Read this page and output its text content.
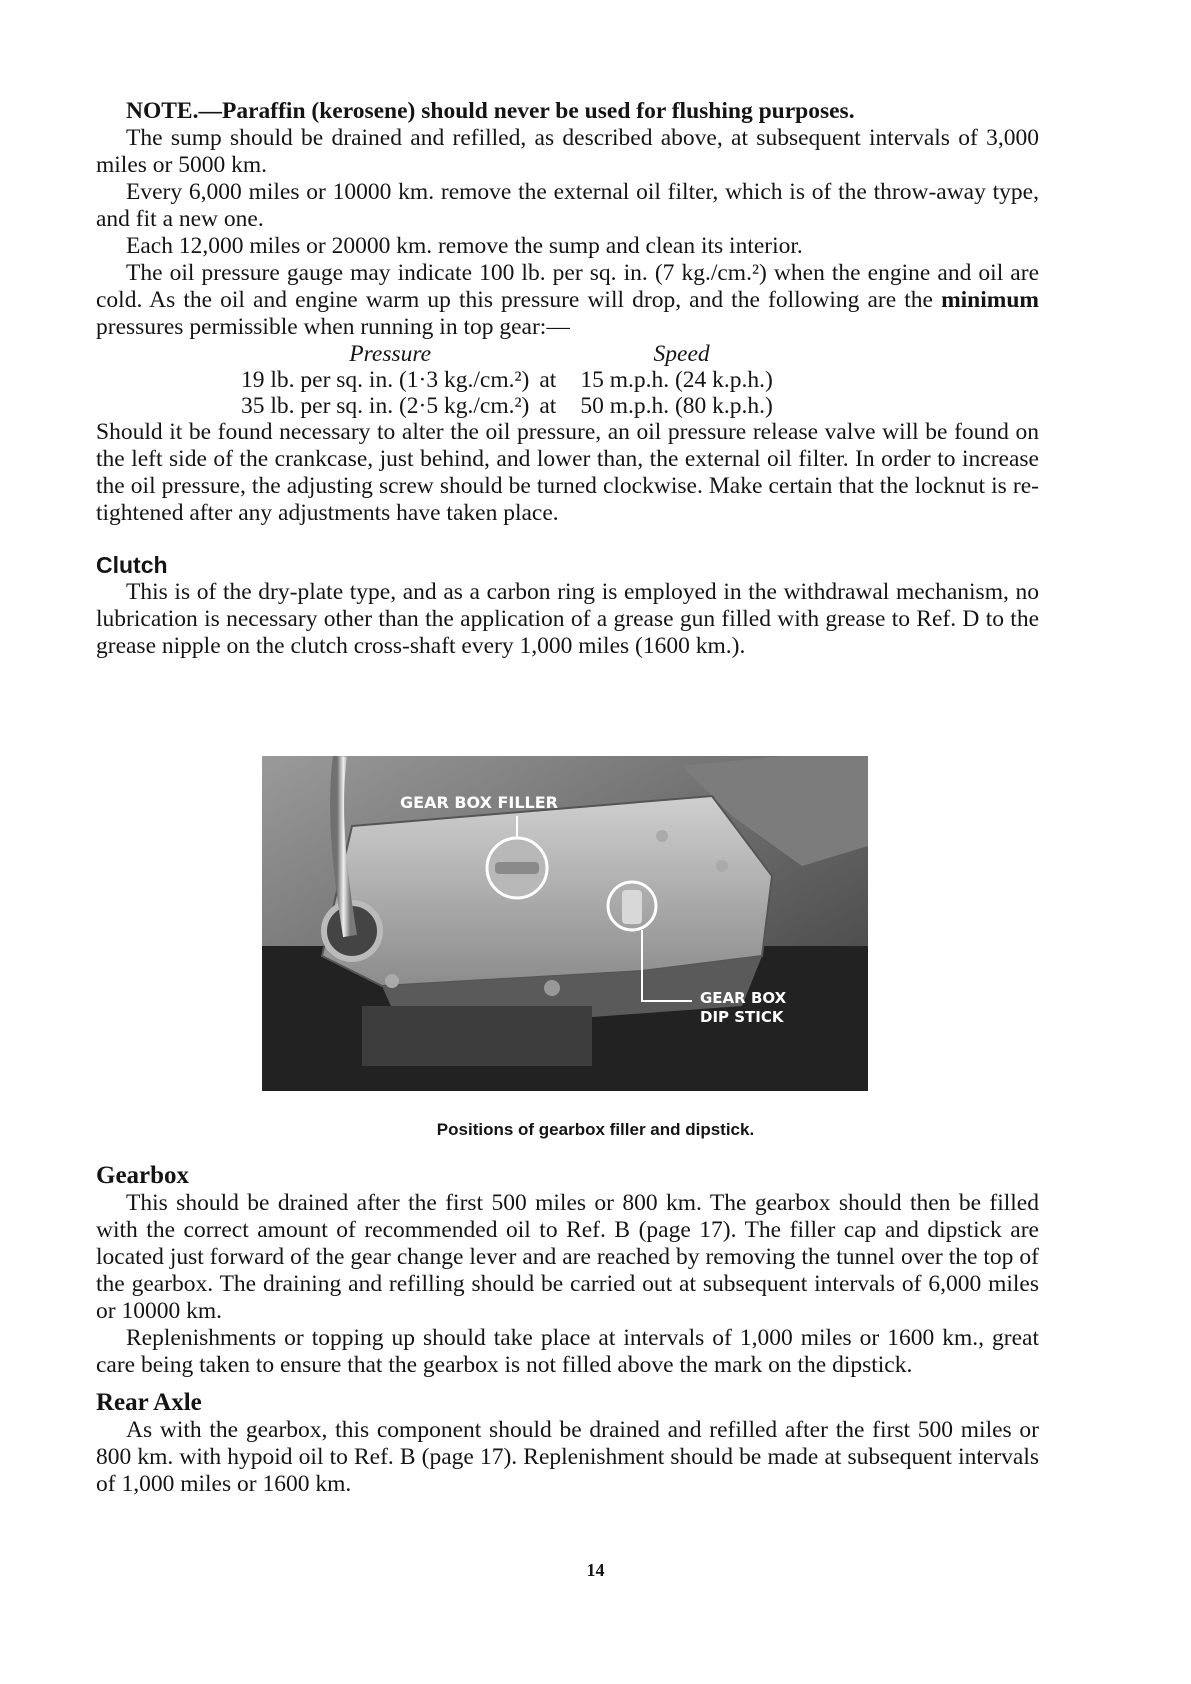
NOTE.—Paraffin (kerosene) should never be used for flushing purposes.

The sump should be drained and refilled, as described above, at subsequent intervals of 3,000 miles or 5000 km.

Every 6,000 miles or 10000 km. remove the external oil filter, which is of the throw-away type, and fit a new one.

Each 12,000 miles or 20000 km. remove the sump and clean its interior.

The oil pressure gauge may indicate 100 lb. per sq. in. (7 kg./cm.²) when the engine and oil are cold. As the oil and engine warm up this pressure will drop, and the following are the minimum pressures permissible when running in top gear:—

Pressure		Speed
19 lb. per sq. in. (1·3 kg./cm.²)	at	15 m.p.h. (24 k.p.h.)
35 lb. per sq. in. (2·5 kg./cm.²)	at	50 m.p.h. (80 k.p.h.)

Should it be found necessary to alter the oil pressure, an oil pressure release valve will be found on the left side of the crankcase, just behind, and lower than, the external oil filter. In order to increase the oil pressure, the adjusting screw should be turned clockwise. Make certain that the locknut is re-tightened after any adjustments have taken place.

Clutch

This is of the dry-plate type, and as a carbon ring is employed in the withdrawal mechanism, no lubrication is necessary other than the application of a grease gun filled with grease to Ref. D to the grease nipple on the clutch cross-shaft every 1,000 miles (1600 km.).

GEAR BOX FILLER
GEAR BOX
DIP STICK
Positions of gearbox filler and dipstick.
Gearbox

This should be drained after the first 500 miles or 800 km. The gearbox should then be filled with the correct amount of recommended oil to Ref. B (page 17). The filler cap and dipstick are located just forward of the gear change lever and are reached by removing the tunnel over the top of the gearbox. The draining and refilling should be carried out at subsequent intervals of 6,000 miles or 10000 km.

Replenishments or topping up should take place at intervals of 1,000 miles or 1600 km., great care being taken to ensure that the gearbox is not filled above the mark on the dipstick.

Rear Axle

As with the gearbox, this component should be drained and refilled after the first 500 miles or 800 km. with hypoid oil to Ref. B (page 17). Replenishment should be made at subsequent intervals of 1,000 miles or 1600 km.

14
